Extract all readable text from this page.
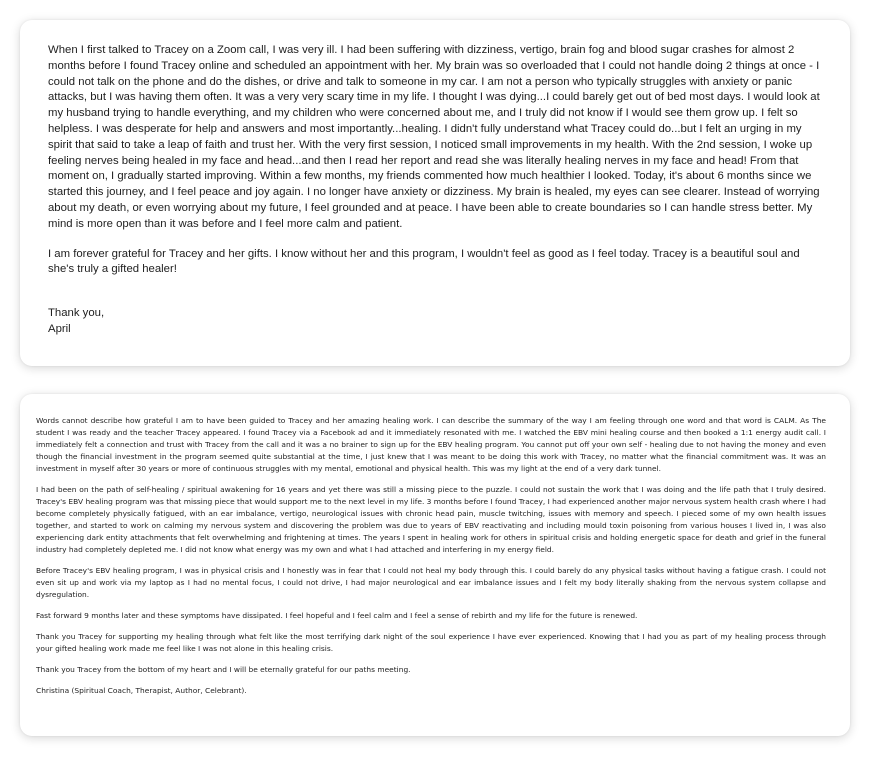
When I first talked to Tracey on a Zoom call, I was very ill. I had been suffering with dizziness, vertigo, brain fog and blood sugar crashes for almost 2 months before I found Tracey online and scheduled an appointment with her. My brain was so overloaded that I could not handle doing 2 things at once - I could not talk on the phone and do the dishes, or drive and talk to someone in my car. I am not a person who typically struggles with anxiety or panic attacks, but I was having them often. It was a very very scary time in my life. I thought I was dying...I could barely get out of bed most days. I would look at my husband trying to handle everything, and my children who were concerned about me, and I truly did not know if I would see them grow up. I felt so helpless. I was desperate for help and answers and most importantly...healing. I didn't fully understand what Tracey could do...but I felt an urging in my spirit that said to take a leap of faith and trust her. With the very first session, I noticed small improvements in my health. With the 2nd session, I woke up feeling nerves being healed in my face and head...and then I read her report and read she was literally healing nerves in my face and head! From that moment on, I gradually started improving. Within a few months, my friends commented how much healthier I looked. Today, it's about 6 months since we started this journey, and I feel peace and joy again. I no longer have anxiety or dizziness. My brain is healed, my eyes can see clearer. Instead of worrying about my death, or even worrying about my future, I feel grounded and at peace. I have been able to create boundaries so I can handle stress better. My mind is more open than it was before and I feel more calm and patient.

I am forever grateful for Tracey and her gifts. I know without her and this program, I wouldn't feel as good as I feel today. Tracey is a beautiful soul and she's truly a gifted healer!

Thank you,
April

Words cannot describe how grateful I am to have been guided to Tracey and her amazing healing work. I can describe the summary of the way I am feeling through one word and that word is CALM. As The student I was ready and the teacher Tracey appeared. I found Tracey via a Facebook ad and it immediately resonated with me. I watched the EBV mini healing course and then booked a 1:1 energy audit call. I immediately felt a connection and trust with Tracey from the call and it was a no brainer to sign up for the EBV healing program. You cannot put off your own self - healing due to not having the money and even though the financial investment in the program seemed quite substantial at the time, I just knew that I was meant to be doing this work with Tracey, no matter what the financial commitment was. It was an investment in myself after 30 years or more of continuous struggles with my mental, emotional and physical health. This was my light at the end of a very dark tunnel.

I had been on the path of self-healing / spiritual awakening for 16 years and yet there was still a missing piece to the puzzle. I could not sustain the work that I was doing and the life path that I truly desired. Tracey's EBV healing program was that missing piece that would support me to the next level in my life. 3 months before I found Tracey, I had experienced another major nervous system health crash where I had become completely physically fatigued, with an ear imbalance, vertigo, neurological issues with chronic head pain, muscle twitching, issues with memory and speech. I pieced some of my own health issues together, and started to work on calming my nervous system and discovering the problem was due to years of EBV reactivating and including mould toxin poisoning from various houses I lived in, I was also experiencing dark entity attachments that felt overwhelming and frightening at times. The years I spent in healing work for others in spiritual crisis and holding energetic space for death and grief in the funeral industry had completely depleted me. I did not know what energy was my own and what I had attached and interfering in my energy field.

Before Tracey's EBV healing program, I was in physical crisis and I honestly was in fear that I could not heal my body through this. I could barely do any physical tasks without having a fatigue crash. I could not even sit up and work via my laptop as I had no mental focus, I could not drive, I had major neurological and ear imbalance issues and I felt my body literally shaking from the nervous system collapse and dysregulation.

Fast forward 9 months later and these symptoms have dissipated. I feel hopeful and I feel calm and I feel a sense of rebirth and my life for the future is renewed.

Thank you Tracey for supporting my healing through what felt like the most terrifying dark night of the soul experience I have ever experienced. Knowing that I had you as part of my healing process through your gifted healing work made me feel like I was not alone in this healing crisis.

Thank you Tracey from the bottom of my heart and I will be eternally grateful for our paths meeting.

Christina (Spiritual Coach, Therapist, Author, Celebrant).
